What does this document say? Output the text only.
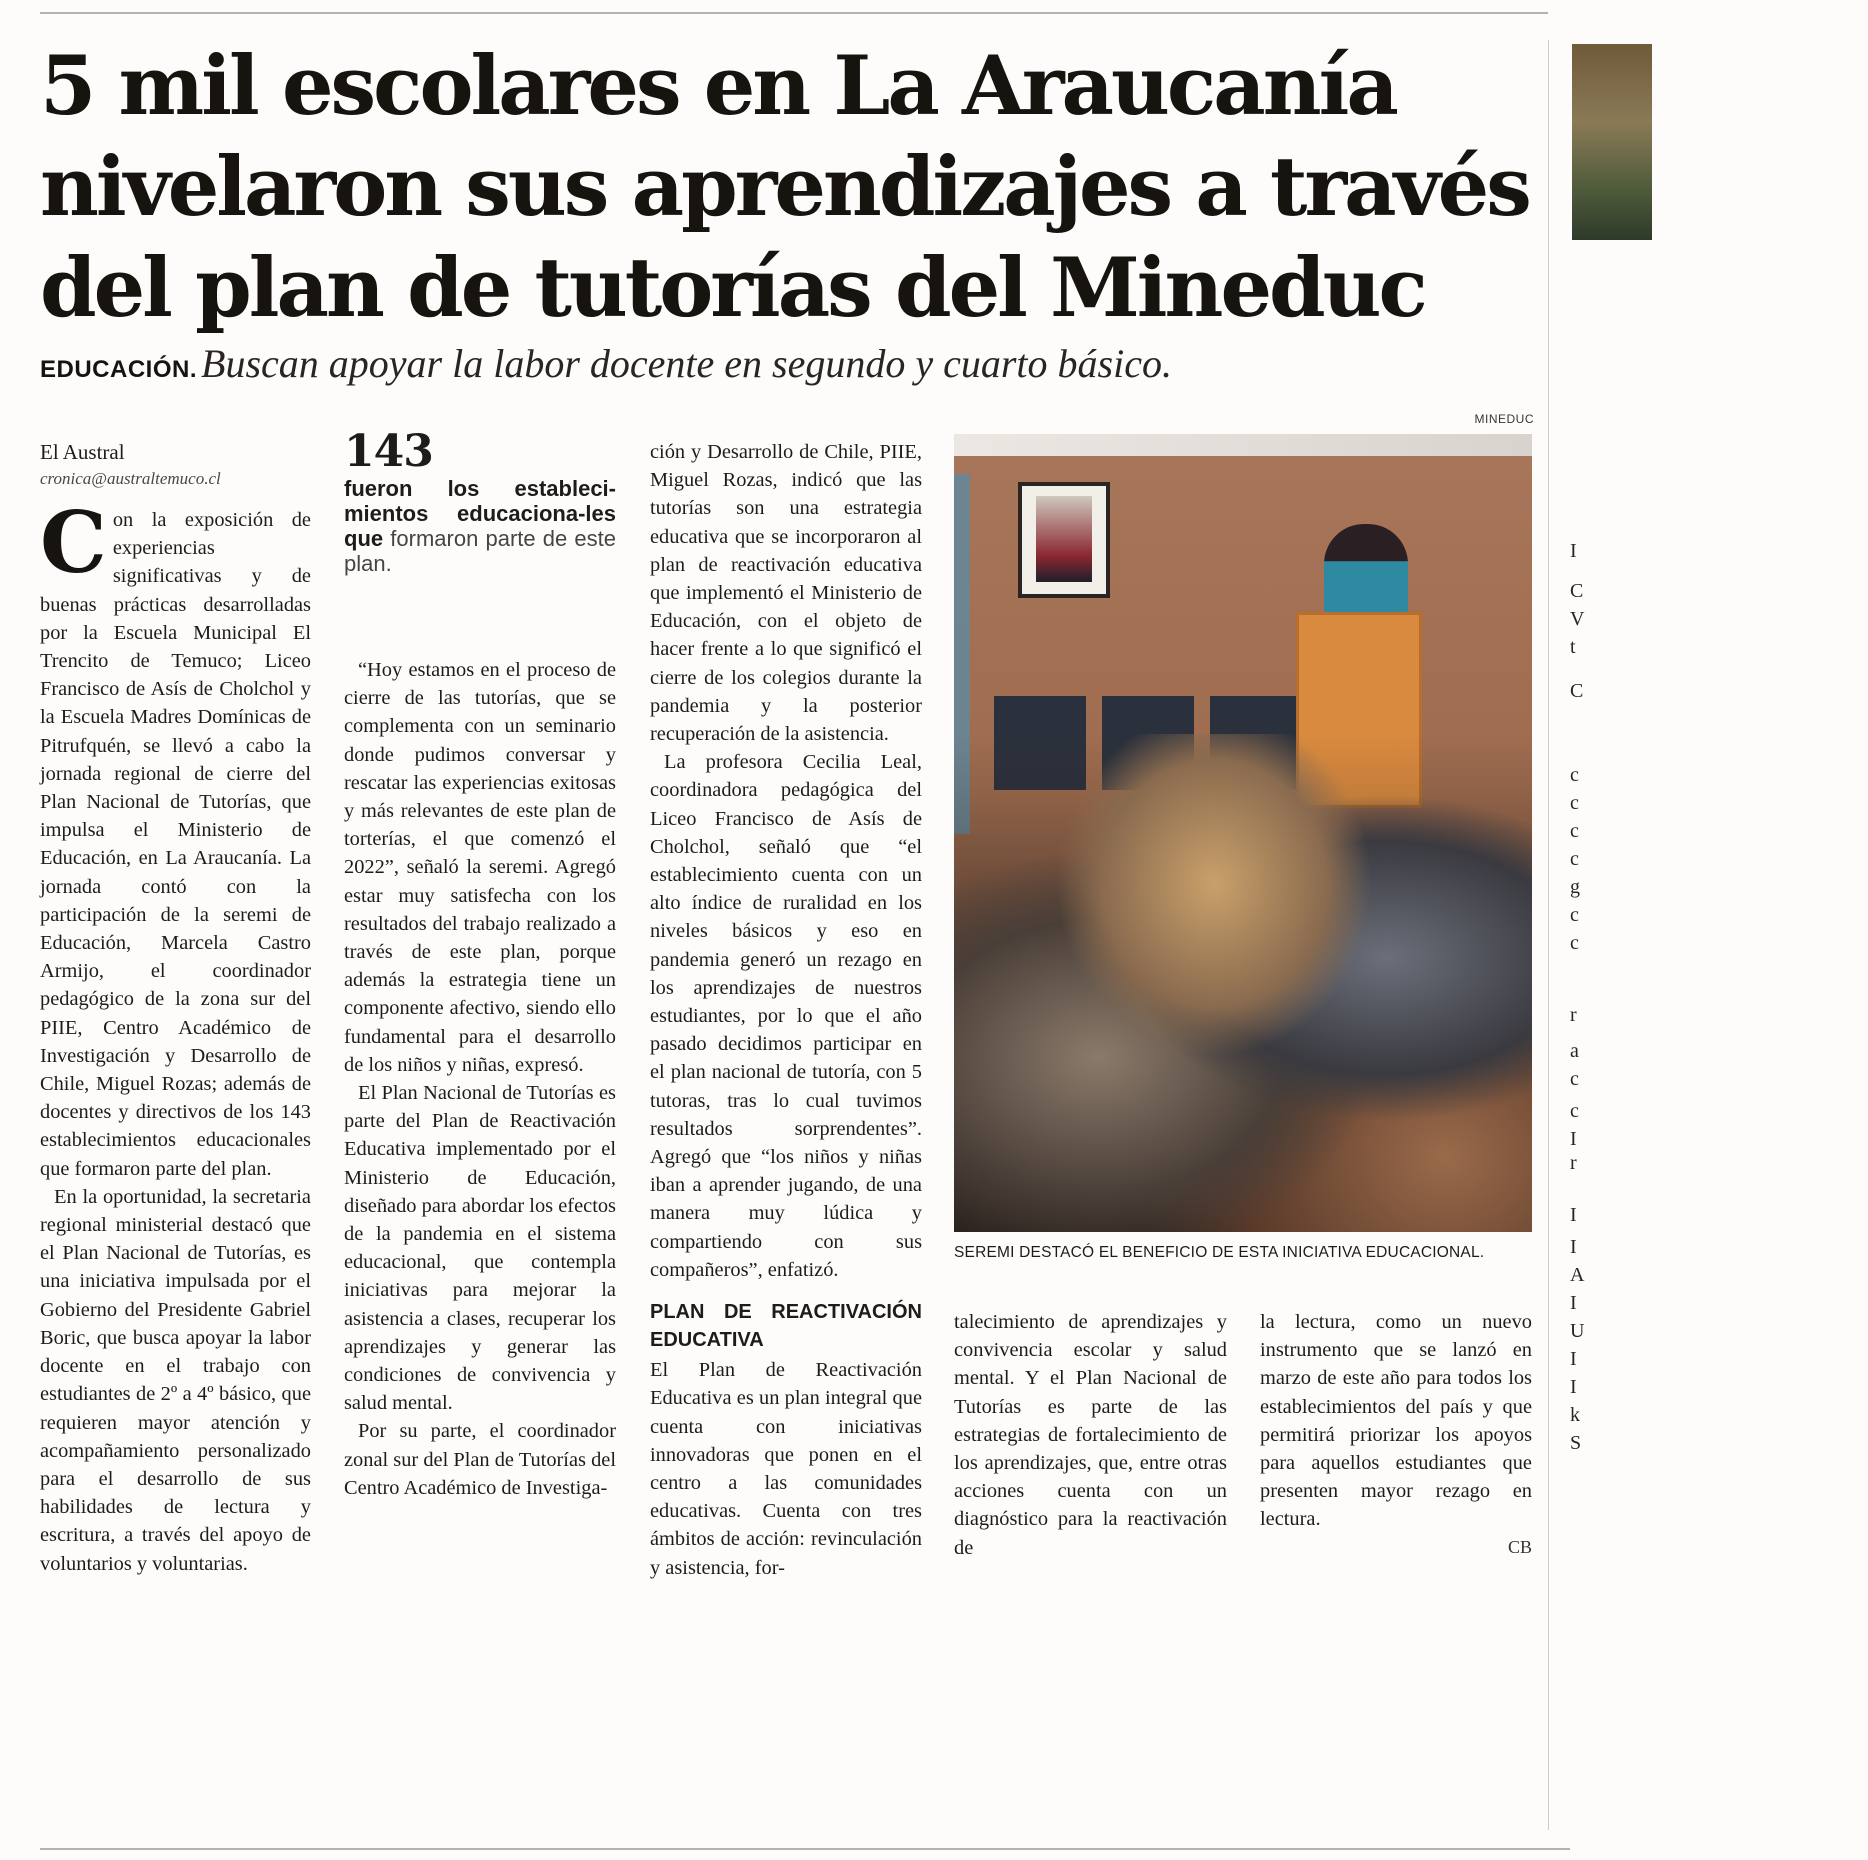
5 mil escolares en La Araucanía nivelaron sus aprendizajes a través del plan de tutorías del Mineduc
EDUCACIÓN. Buscan apoyar la labor docente en segundo y cuarto básico.
El Austral
cronica@australtemuco.cl

Con la exposición de experiencias significativas y de buenas prácticas desarrolladas por la Escuela Municipal El Trencito de Temuco; Liceo Francisco de Asís de Cholchol y la Escuela Madres Domínicas de Pitrufquén, se llevó a cabo la jornada regional de cierre del Plan Nacional de Tutorías, que impulsa el Ministerio de Educación, en La Araucanía. La jornada contó con la participación de la seremi de Educación, Marcela Castro Armijo, el coordinador pedagógico de la zona sur del PIIE, Centro Académico de Investigación y Desarrollo de Chile, Miguel Rozas; además de docentes y directivos de los 143 establecimientos educacionales que formaron parte del plan.

En la oportunidad, la secretaria regional ministerial destacó que el Plan Nacional de Tutorías, es una iniciativa impulsada por el Gobierno del Presidente Gabriel Boric, que busca apoyar la labor docente en el trabajo con estudiantes de 2º a 4º básico, que requieren mayor atención y acompañamiento personalizado para el desarrollo de sus habilidades de lectura y escritura, a través del apoyo de voluntarios y voluntarias.

143
fueron los estableci-mientos educaciona-les que formaron parte de este plan.

“Hoy estamos en el proceso de cierre de las tutorías, que se complementa con un seminario donde pudimos conversar y rescatar las experiencias exitosas y más relevantes de este plan de torterías, el que comenzó el 2022”, señaló la seremi. Agregó estar muy satisfecha con los resultados del trabajo realizado a través de este plan, porque además la estrategia tiene un componente afectivo, siendo ello fundamental para el desarrollo de los niños y niñas, expresó.

El Plan Nacional de Tutorías es parte del Plan de Reactivación Educativa implementado por el Ministerio de Educación, diseñado para abordar los efectos de la pandemia en el sistema educacional, que contempla iniciativas para mejorar la asistencia a clases, recuperar los aprendizajes y generar las condiciones de convivencia y salud mental.

Por su parte, el coordinador zonal sur del Plan de Tutorías del Centro Académico de Investiga-

ción y Desarrollo de Chile, PIIE, Miguel Rozas, indicó que las tutorías son una estrategia educativa que se incorporaron al plan de reactivación educativa que implementó el Ministerio de Educación, con el objeto de hacer frente a lo que significó el cierre de los colegios durante la pandemia y la posterior recuperación de la asistencia.

La profesora Cecilia Leal, coordinadora pedagógica del Liceo Francisco de Asís de Cholchol, señaló que “el establecimiento cuenta con un alto índice de ruralidad en los niveles básicos y eso en pandemia generó un rezago en los aprendizajes de nuestros estudiantes, por lo que el año pasado decidimos participar en el plan nacional de tutoría, con 5 tutoras, tras lo cual tuvimos resultados sorprendentes”. Agregó que “los niños y niñas iban a aprender jugando, de una manera muy lúdica y compartiendo con sus compañeros”, enfatizó.

PLAN DE REACTIVACIÓN EDUCATIVA

El Plan de Reactivación Educativa es un plan integral que cuenta con iniciativas innovadoras que ponen en el centro a las comunidades educativas. Cuenta con tres ámbitos de acción: revinculación y asistencia, for-

MINEDUC
SEREMI DESTACÓ EL BENEFICIO DE ESTA INICIATIVA EDUCACIONAL.

talecimiento de aprendizajes y convivencia escolar y salud mental. Y el Plan Nacional de Tutorías es parte de las estrategias de fortalecimiento de los aprendizajes, que, entre otras acciones cuenta con un diagnóstico para la reactivación de

la lectura, como un nuevo instrumento que se lanzó en marzo de este año para todos los establecimientos del país y que permitirá priorizar los apoyos para aquellos estudiantes que presenten mayor rezago en lectura.

CB
I
C
V
t
C
c
c
c
c
g
c
c
r
a
c
c
I
r
I
I
A
I
U
I
I
k
S
